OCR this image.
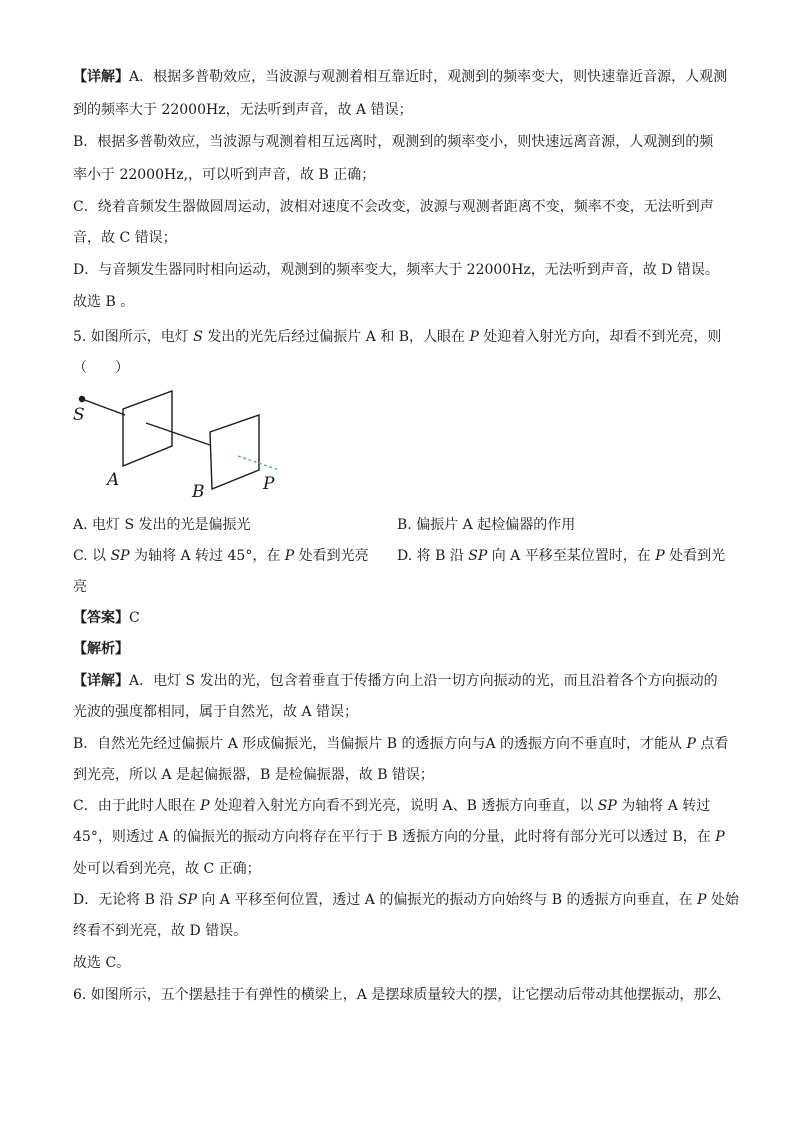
【详解】A．根据多普勒效应，当波源与观测着相互靠近时，观测到的频率变大，则快速靠近音源，人观测
到的频率大于 22000Hz，无法听到声音，故 A 错误；
B．根据多普勒效应，当波源与观测着相互远离时，观测到的频率变小，则快速远离音源，人观测到的频
率小于 22000Hz,，可以听到声音，故 B 正确；
C．绕着音频发生器做圆周运动，波相对速度不会改变，波源与观测者距离不变，频率不变，无法听到声
音，故 C 错误；
D．与音频发生器同时相向运动，观测到的频率变大，频率大于 22000Hz，无法听到声音，故 D 错误。
故选 B 。
5. 如图所示，电灯 S 发出的光先后经过偏振片 A 和 B，人眼在 P 处迎着入射光方向，却看不到光亮，则
（　　）
S
A
B	P
A. 电灯 S 发出的光是偏振光	B. 偏振片 A 起检偏器的作用
C. 以 SP 为轴将 A 转过 45°，在 P 处看到光亮 D. 将 B 沿 SP 向 A 平移至某位置时，在 P 处看到光
亮
【答案】C
【解析】
【详解】A．电灯 S 发出的光，包含着垂直于传播方向上沿一切方向振动的光，而且沿着各个方向振动的
光波的强度都相同，属于自然光，故 A 错误；
B．自然光先经过偏振片 A 形成偏振光，当偏振片 B 的透振方向与A 的透振方向不垂直时，才能从 P 点看
到光亮，所以 A 是起偏振器，B 是检偏振器，故 B 错误；
C．由于此时人眼在 P 处迎着入射光方向看不到光亮，说明 A、B 透振方向垂直，以 SP 为轴将 A 转过
45°，则透过 A 的偏振光的振动方向将存在平行于 B 透振方向的分量，此时将有部分光可以透过 B，在 P
处可以看到光亮，故 C 正确；
D．无论将 B 沿 SP 向 A 平移至何位置，透过 A 的偏振光的振动方向始终与 B 的透振方向垂直，在 P 处始
终看不到光亮，故 D 错误。
故选 C。
6. 如图所示，五个摆悬挂于有弹性的横梁上，A 是摆球质量较大的摆，让它摆动后带动其他摆振动，那么
